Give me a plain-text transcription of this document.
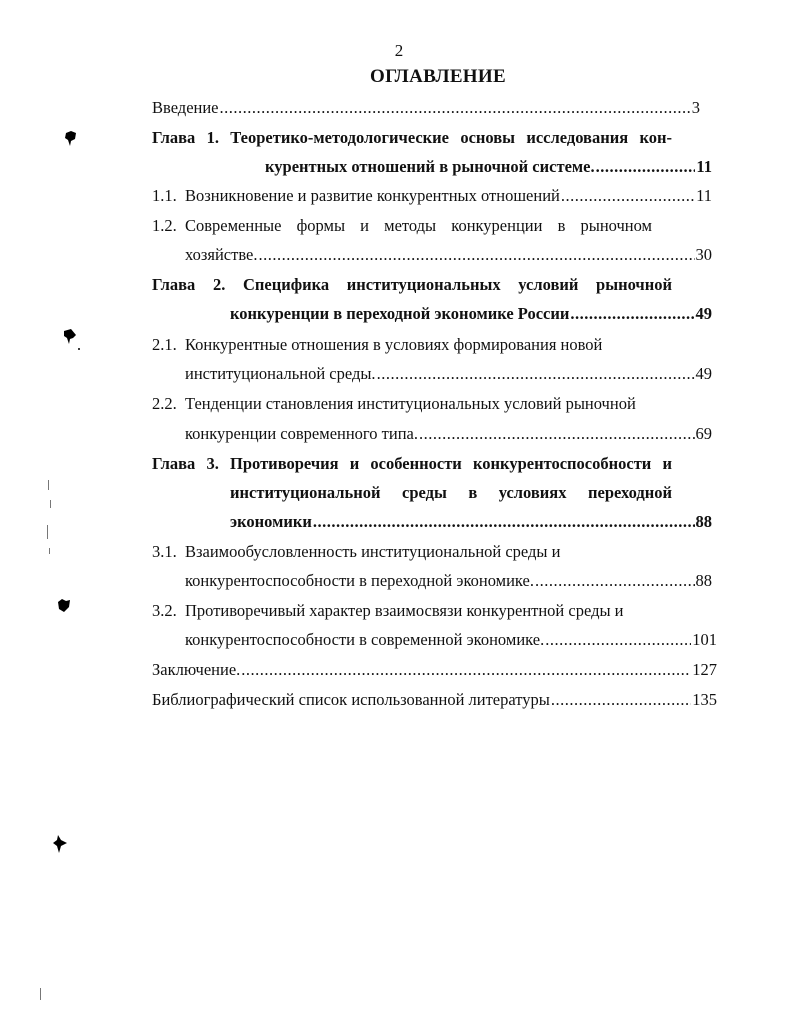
2
ОГЛАВЛЕНИЕ
Введение .....	3
Глава 1. Теоретико-методологические основы исследования кон-
курентных отношений в рыночной системе. .....	11
1.1. Возникновение и развитие конкурентных отношений .....	11
1.2. Современные формы и методы конкуренции в рыночном
хозяйстве. .....	30
Глава 2. Специфика институциональных условий рыночной
конкуренции в переходной экономике России .....	49
2.1. Конкурентные отношения в условиях формирования новой
институциональной среды. .....	49
2.2. Тенденции становления институциональных условий рыночной
конкуренции современного типа. .....	69
Глава 3. Противоречия и особенности конкурентоспособности и
институциональной среды в условиях переходной
экономики .....	88
3.1. Взаимообусловленность институциональной среды и
конкурентоспособности в переходной экономике. .....	88
3.2. Противоречивый характер взаимосвязи конкурентной среды и
конкурентоспособности в современной экономике. .....	101
Заключение. .....	127
Библиографический список использованной литературы .....	135
